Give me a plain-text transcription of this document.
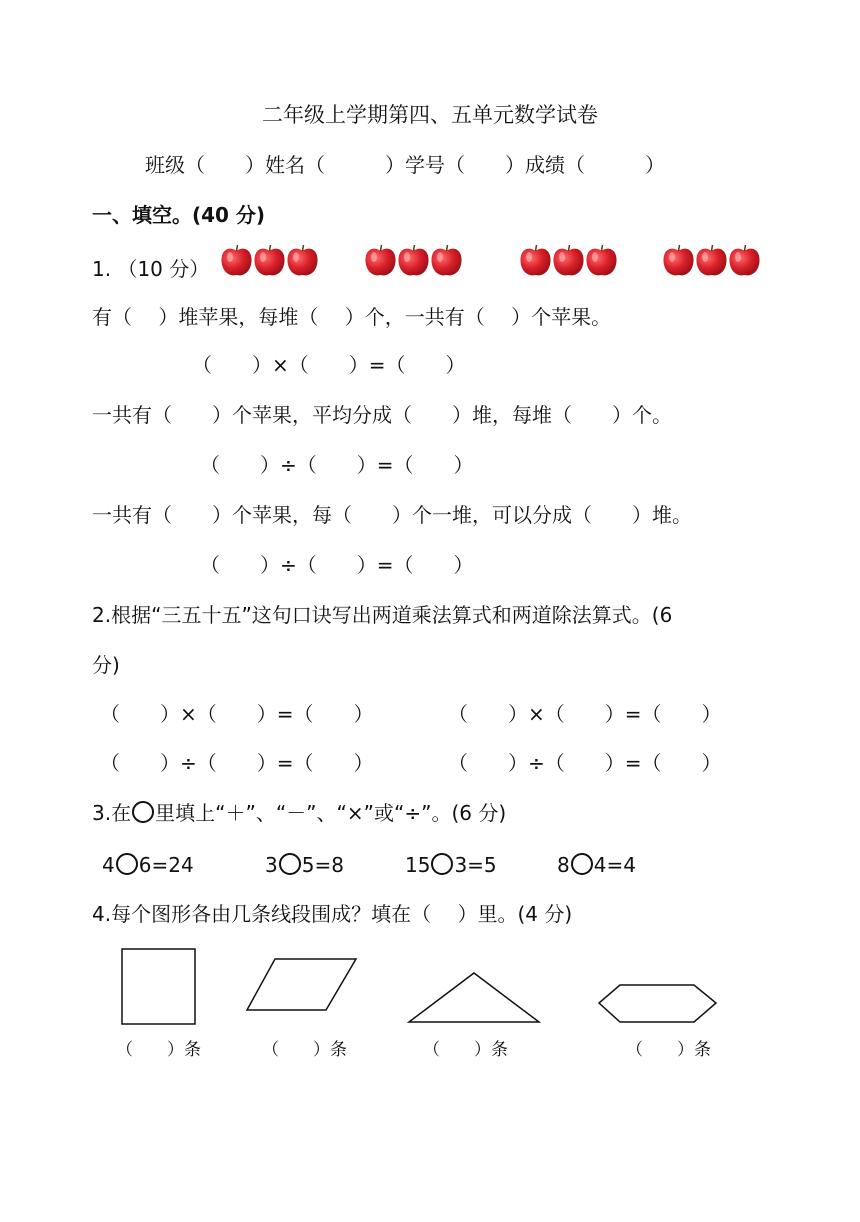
二年级上学期第四、五单元数学试卷
班级（　　）姓名（　　　）学号（　　）成绩（　　　）
一、填空。(40 分)
1. （10 分）
有（　 ）堆苹果，每堆（　 ）个，一共有（　 ）个苹果。
（　　）×（　　）=（　　）
一共有（　　）个苹果，平均分成（　　）堆，每堆（　　）个。
（　　）÷（　　）=（　　）
一共有（　　）个苹果，每（　　）个一堆，可以分成（　　）堆。
（　　）÷（　　）=（　　）
2.根据“三五十五”这句口诀写出两道乘法算式和两道除法算式。(6
分)
（　　）×（　　）=（　　）	（　　）×（　　）=（　　）
（　　）÷（　　）=（　　）	（　　）÷（　　）=（　　）
3.在 里填上“＋”、“－”、“×”或“÷”。(6 分)
4 6=24	3 5=8	15 3=5	8 4=4
4.每个图形各由几条线段围成？填在（　 ）里。(4 分)
（　　）条	（　　）条	（　　）条	（　　）条
